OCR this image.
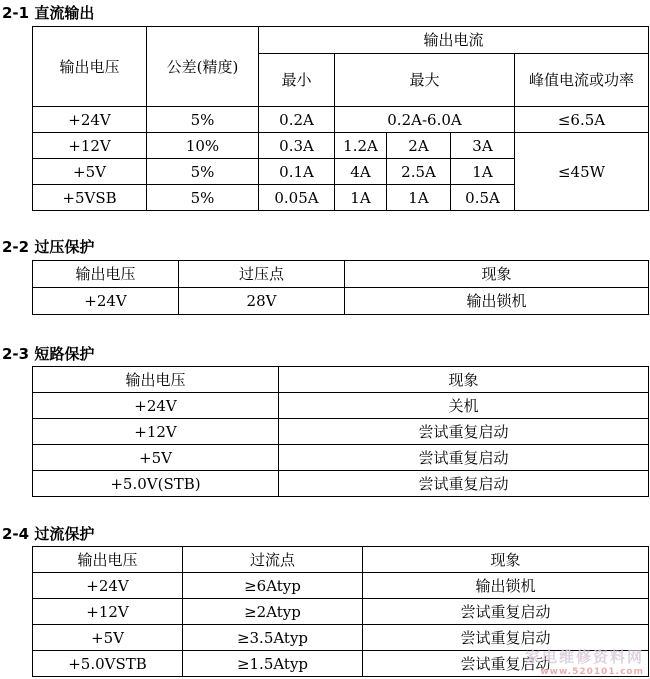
2-1 直流输出
输出电压	公差(精度)	输出电流				
		最小	最大			峰值电流或功率
+24V	5%	0.2A	0.2A-6.0A			≤6.5A
+12V	10%	0.3A	1.2A	2A	3A	≤45W
+5V	5%	0.1A	4A	2.5A	1A	
+5VSB	5%	0.05A	1A	1A	0.5A	
2-2 过压保护
输出电压	过压点	现象
+24V	28V	输出锁机
2-3 短路保护
输出电压	现象
+24V	关机
+12V	尝试重复启动
+5V	尝试重复启动
+5.0V(STB)	尝试重复启动
2-4 过流保护
输出电压	过流点	现象
+24V	≥6Atyp	输出锁机
+12V	≥2Atyp	尝试重复启动
+5V	≥3.5Atyp	尝试重复启动
+5.0VSTB	≥1.5Atyp	尝试重复启动
家电维修资料网
www.520101.com
